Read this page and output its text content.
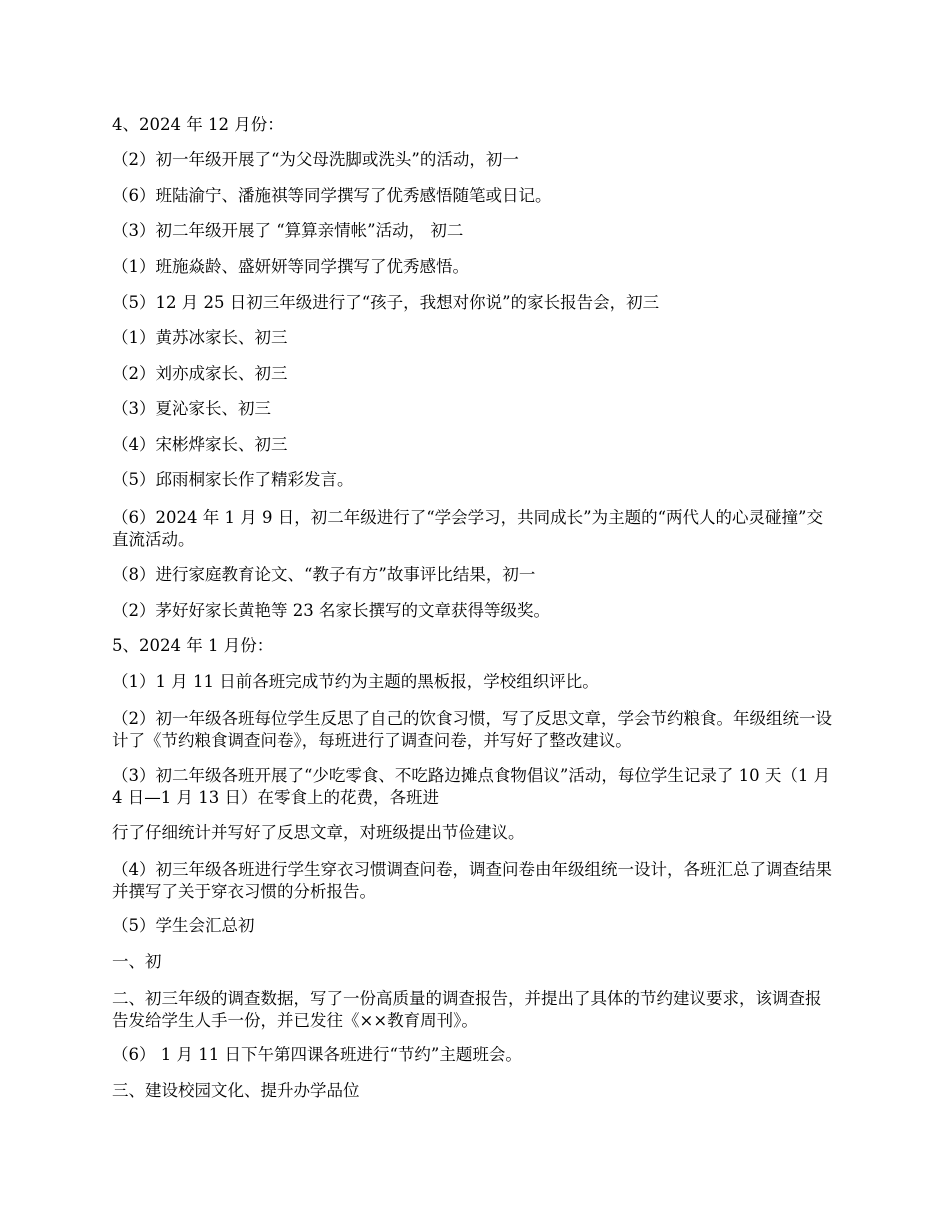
4、2024 年 12 月份：

（2）初一年级开展了“为父母洗脚或洗头”的活动，初一

（6）班陆渝宁、潘施祺等同学撰写了优秀感悟随笔或日记。

（3）初二年级开展了 “算算亲情帐”活动， 初二

（1）班施焱龄、盛妍妍等同学撰写了优秀感悟。

（5）12 月 25 日初三年级进行了“孩子，我想对你说”的家长报告会，初三

（1）黄苏冰家长、初三

（2）刘亦成家长、初三

（3）夏沁家长、初三

（4）宋彬烨家长、初三

（5）邱雨桐家长作了精彩发言。

（6）2024 年 1 月 9 日，初二年级进行了“学会学习，共同成长”为主题的“两代人的心灵碰撞”交直流活动。

（8）进行家庭教育论文、“教子有方”故事评比结果，初一

（2）茅好好家长黄艳等 23 名家长撰写的文章获得等级奖。

5、2024 年 1 月份：

（1）1 月 11 日前各班完成节约为主题的黑板报，学校组织评比。

（2）初一年级各班每位学生反思了自己的饮食习惯，写了反思文章，学会节约粮食。年级组统一设计了《节约粮食调查问卷》，每班进行了调查问卷，并写好了整改建议。

（3）初二年级各班开展了“少吃零食、不吃路边摊点食物倡议”活动，每位学生记录了 10 天（1 月 4 日—1 月 13 日）在零食上的花费，各班进

行了仔细统计并写好了反思文章，对班级提出节俭建议。

（4）初三年级各班进行学生穿衣习惯调查问卷，调查问卷由年级组统一设计，各班汇总了调查结果并撰写了关于穿衣习惯的分析报告。

（5）学生会汇总初

一、初

二、初三年级的调查数据，写了一份高质量的调查报告，并提出了具体的节约建议要求，该调查报告发给学生人手一份，并已发往《××教育周刊》。

（6） 1 月 11 日下午第四课各班进行“节约”主题班会。

三、建设校园文化、提升办学品位
